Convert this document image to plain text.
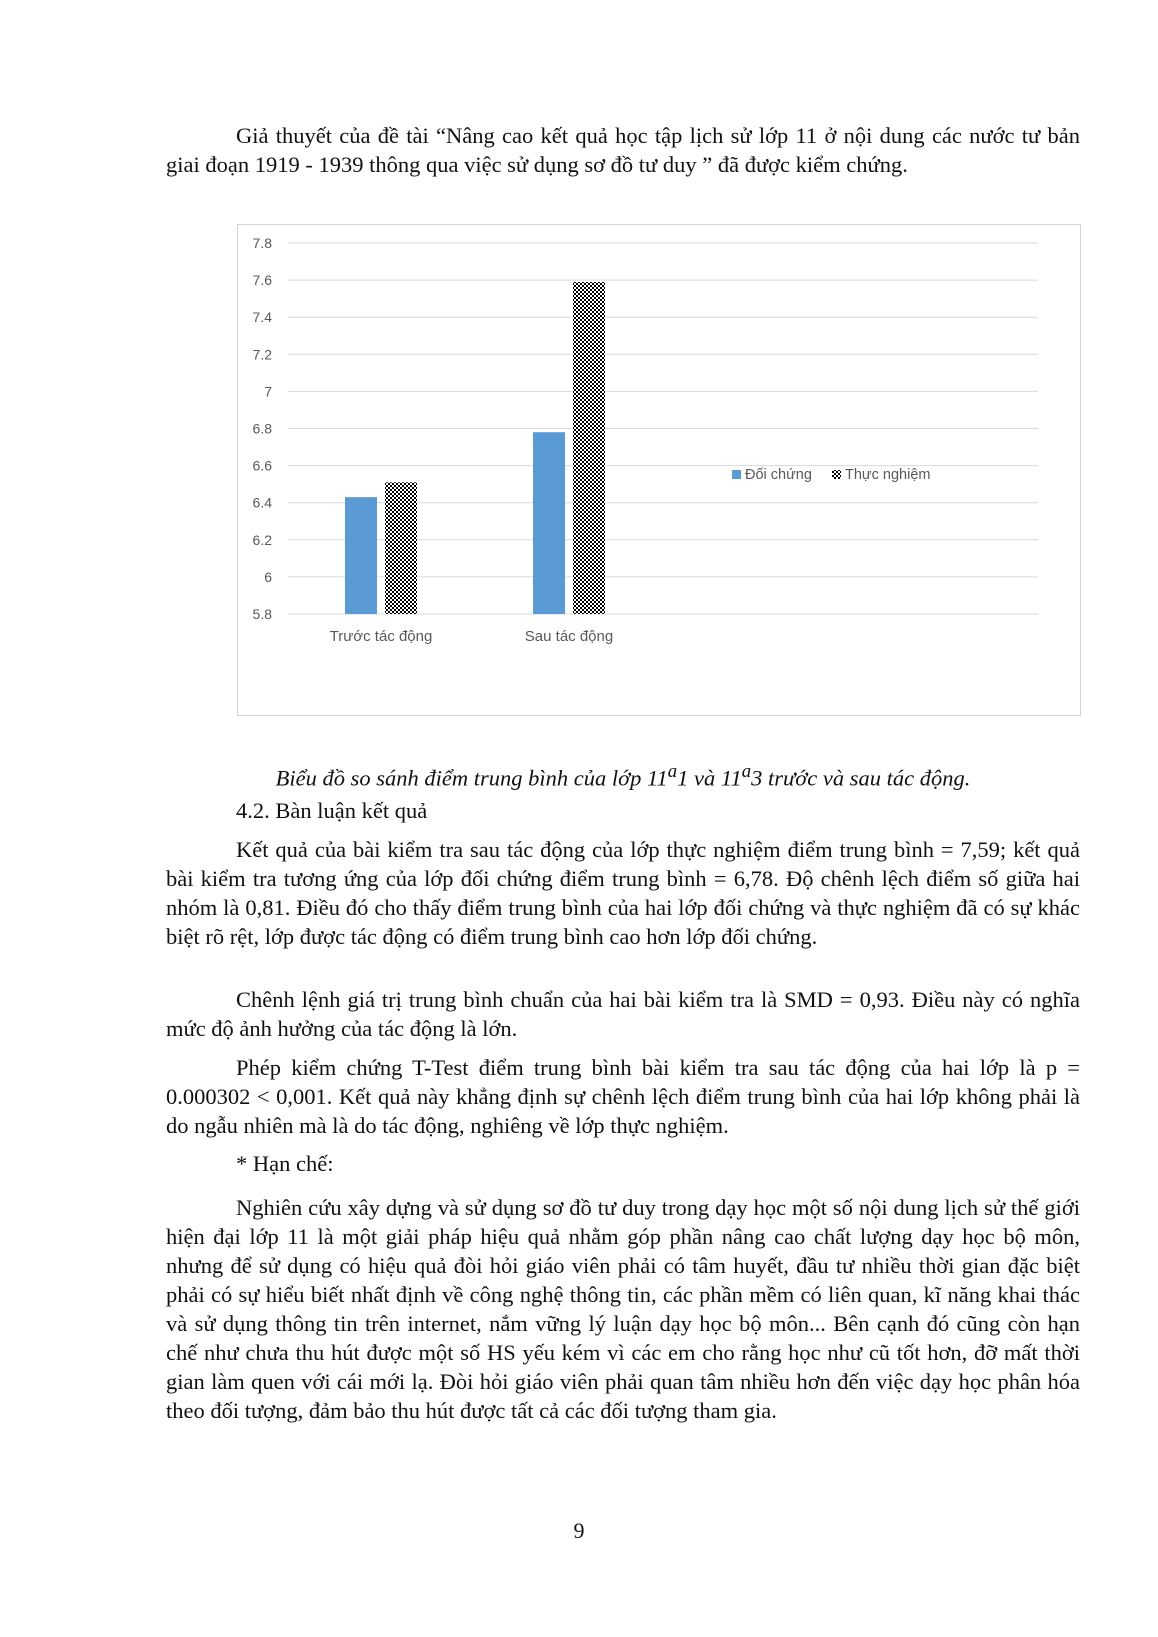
Giả thuyết của đề tài “Nâng cao kết quả học tập lịch sử lớp 11 ở nội dung các nước tư bản giai đoạn 1919 - 1939 thông qua việc sử dụng sơ đồ tư duy ” đã được kiểm chứng.

5.8
6
6.2
6.4
6.6
6.8
7
7.2
7.4
7.6
7.8
Trước tác động	Sau tác động
Đối chứng Thực nghiệm
Biểu đồ so sánh điểm trung bình của lớp 11$^a$1 và 11$^a$3 trước và sau tác động.

4.2. Bàn luận kết quả

Kết quả của bài kiểm tra sau tác động của lớp thực nghiệm điểm trung bình = 7,59; kết quả bài kiểm tra tương ứng của lớp đối chứng điểm trung bình = 6,78. Độ chênh lệch điểm số giữa hai nhóm là 0,81. Điều đó cho thấy điểm trung bình của hai lớp đối chứng và thực nghiệm đã có sự khác biệt rõ rệt, lớp được tác động có điểm trung bình cao hơn lớp đối chứng.

Chênh lệnh giá trị trung bình chuẩn của hai bài kiểm tra là SMD = 0,93. Điều này có nghĩa mức độ ảnh hưởng của tác động là lớn.

Phép kiểm chứng T-Test điểm trung bình bài kiểm tra sau tác động của hai lớp là p = 0.000302 < 0,001. Kết quả này khẳng định sự chênh lệch điểm trung bình của hai lớp không phải là do ngẫu nhiên mà là do tác động, nghiêng về lớp thực nghiệm.

* Hạn chế:

Nghiên cứu xây dựng và sử dụng sơ đồ tư duy trong dạy học một số nội dung lịch sử thế giới hiện đại lớp 11 là một giải pháp hiệu quả nhằm góp phần nâng cao chất lượng dạy học bộ môn, nhưng để sử dụng có hiệu quả đòi hỏi giáo viên phải có tâm huyết, đầu tư nhiều thời gian đặc biệt phải có sự hiểu biết nhất định về công nghệ thông tin, các phần mềm có liên quan, kĩ năng khai thác và sử dụng thông tin trên internet, nắm vững lý luận dạy học bộ môn... Bên cạnh đó cũng còn hạn chế như chưa thu hút được một số HS yếu kém vì các em cho rằng học như cũ tốt hơn, đỡ mất thời gian làm quen với cái mới lạ. Đòi hỏi giáo viên phải quan tâm nhiều hơn đến việc dạy học phân hóa theo đối tượng, đảm bảo thu hút được tất cả các đối tượng tham gia.

9
